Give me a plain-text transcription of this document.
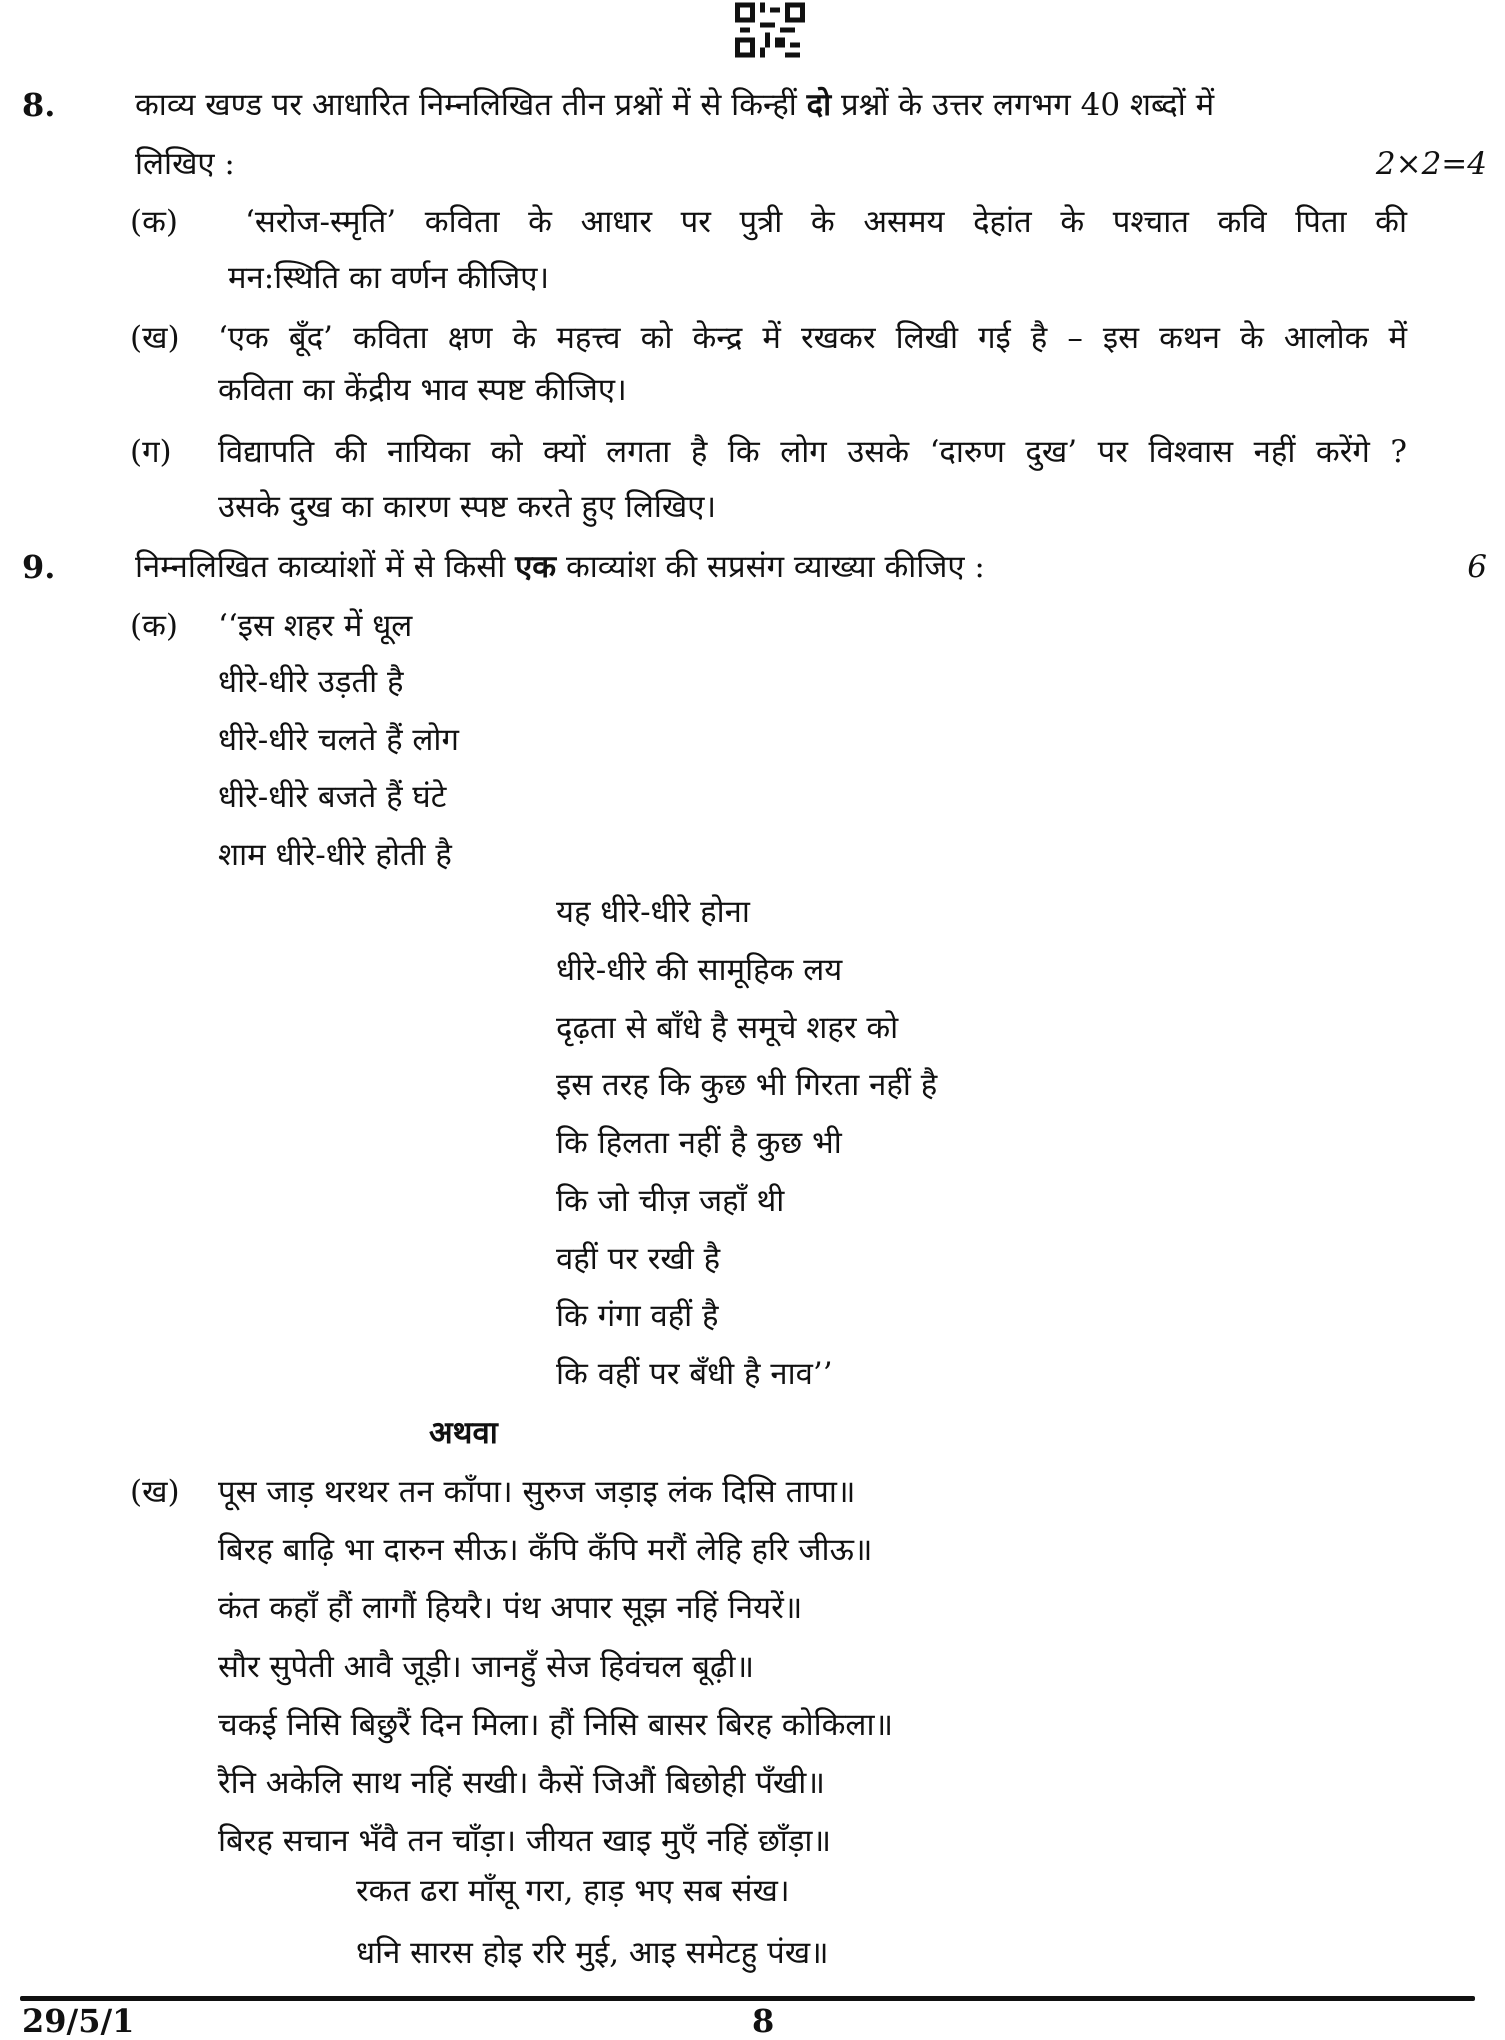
8.	काव्य खण्ड पर आधारित निम्नलिखित तीन प्रश्नों में से किन्हीं दो प्रश्नों के उत्तर लगभग 40 शब्दों में
लिखिए :	2×2=4
(क) ‘सरोज-स्मृति’ कविता के आधार पर पुत्री के असमय देहांत के पश्चात कवि पिता की
मन:स्थिति का वर्णन कीजिए।
(ख) ‘एक बूँद’ कविता क्षण के महत्त्व को केन्द्र में रखकर लिखी गई है – इस कथन के आलोक में
कविता का केंद्रीय भाव स्पष्ट कीजिए।
(ग) विद्यापति की नायिका को क्यों लगता है कि लोग उसके ‘दारुण दुख’ पर विश्वास नहीं करेंगे ?
उसके दुख का कारण स्पष्ट करते हुए लिखिए।
9.	निम्नलिखित काव्यांशों में से किसी एक काव्यांश की सप्रसंग व्याख्या कीजिए :	6
(क) ‘‘इस शहर में धूल
धीरे-धीरे उड़ती है
धीरे-धीरे चलते हैं लोग
धीरे-धीरे बजते हैं घंटे
शाम धीरे-धीरे होती है
यह धीरे-धीरे होना
धीरे-धीरे की सामूहिक लय
दृढ़ता से बाँधे है समूचे शहर को
इस तरह कि कुछ भी गिरता नहीं है
कि हिलता नहीं है कुछ भी
कि जो चीज़ जहाँ थी
वहीं पर रखी है
कि गंगा वहीं है
कि वहीं पर बँधी है नाव’’
अथवा
(ख) पूस जाड़ थरथर तन काँपा। सुरुज जड़ाइ लंक दिसि तापा॥
बिरह बाढ़ि भा दारुन सीऊ। कँपि कँपि मरौं लेहि हरि जीऊ॥
कंत कहाँ हौं लागौं हियरै। पंथ अपार सूझ नहिं नियरें॥
सौर सुपेती आवै जूड़ी। जानहुँ सेज हिवंचल बूढ़ी॥
चकई निसि बिछुरैं दिन मिला। हौं निसि बासर बिरह कोकिला॥
रैनि अकेलि साथ नहिं सखी। कैसें जिऔं बिछोही पँखी॥
बिरह सचान भँवै तन चाँड़ा। जीयत खाइ मुएँ नहिं छाँड़ा॥
रकत ढरा माँसू गरा, हाड़ भए सब संख।
धनि सारस होइ ररि मुई, आइ समेटहु पंख॥
29/5/1	8
